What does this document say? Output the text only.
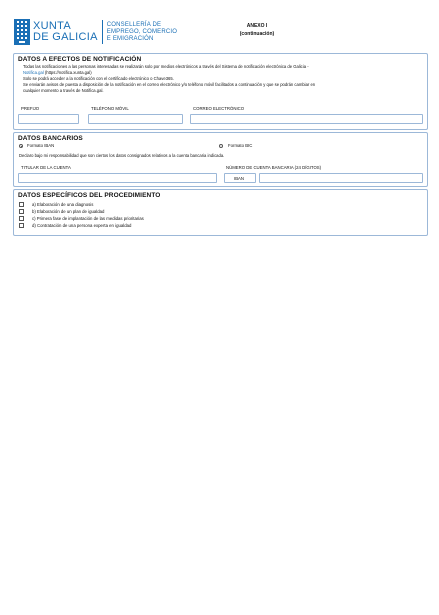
XUNTA
DE GALICIA
CONSELLERÍA DE
EMPREGO, COMERCIO
E EMIGRACIÓN
ANEXO I
(continuación)
DATOS A EFECTOS DE NOTIFICACIÓN
Todas las notificaciones a las personas interesadas se realizarán solo por medios electrónicos a través del Sistema de notificación electrónica de Galicia -
Notifica.gal (https://notifica.xunta.gal)
Solo se podrá acceder a la notificación con el certificado electrónico o Chave365.
Se enviarán avisos de puesta a disposición de la notificación en el correo electrónico y/o teléfono móvil facilitados a continuación y que se podrán cambiar en
cualquier momento a través de Notifica.gal.
PREFIJO	TELÉFONO MÓVIL	CORREO ELECTRÓNICO
DATOS BANCARIOS
Formato IBAN	Formato BIC
Declaro bajo mi responsabilidad que son ciertos los datos consignados relativos a la cuenta bancaria indicada.
TITULAR DE LA CUENTA	NÚMERO DE CUENTA BANCARIA (24 DÍGITOS)
IBAN
DATOS ESPECÍFICOS DEL PROCEDIMIENTO
a) Elaboración de una diagnosis
b) Elaboración de un plan de igualdad
c) Primera fase de implantación de las medidas prioritarias
d) Contratación de una persona experta en igualdad
